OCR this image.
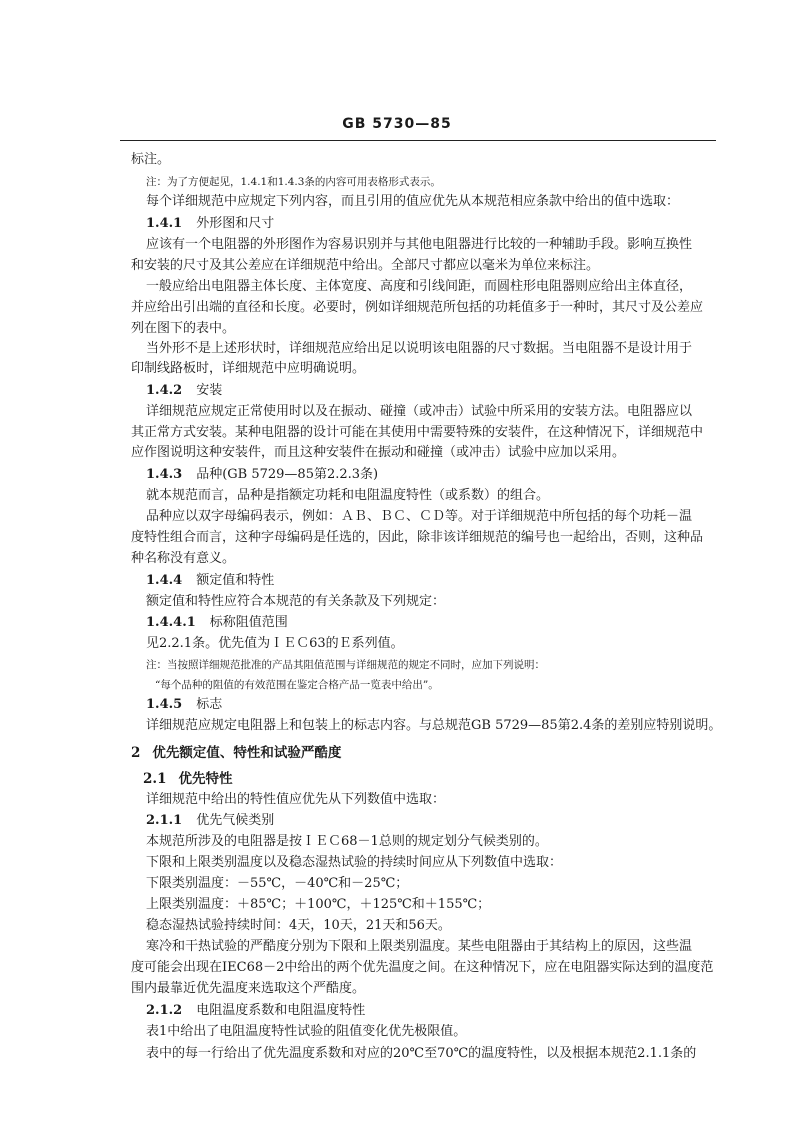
GB 5730—85
标注。
注：为了方便起见，1.4.1和1.4.3条的内容可用表格形式表示。
每个详细规范中应规定下列内容，而且引用的值应优先从本规范相应条款中给出的值中选取：
1.4.1 外形图和尺寸
应该有一个电阻器的外形图作为容易识别并与其他电阻器进行比较的一种辅助手段。影响互换性
和安装的尺寸及其公差应在详细规范中给出。全部尺寸都应以毫米为单位来标注。
一般应给出电阻器主体长度、主体宽度、高度和引线间距，而圆柱形电阻器则应给出主体直径，
并应给出引出端的直径和长度。必要时，例如详细规范所包括的功耗值多于一种时，其尺寸及公差应
列在图下的表中。
当外形不是上述形状时，详细规范应给出足以说明该电阻器的尺寸数据。当电阻器不是设计用于
印制线路板时，详细规范中应明确说明。
1.4.2 安装
详细规范应规定正常使用时以及在振动、碰撞（或冲击）试验中所采用的安装方法。电阻器应以
其正常方式安装。某种电阻器的设计可能在其使用中需要特殊的安装件，在这种情况下，详细规范中
应作图说明这种安装件，而且这种安装件在振动和碰撞（或冲击）试验中应加以采用。
1.4.3 品种(GB 5729—85第2.2.3条)
就本规范而言，品种是指额定功耗和电阻温度特性（或系数）的组合。
品种应以双字母编码表示，例如：ＡＢ、ＢＣ、ＣＤ等。对于详细规范中所包括的每个功耗－温
度特性组合而言，这种字母编码是任选的，因此，除非该详细规范的编号也一起给出，否则，这种品
种名称没有意义。
1.4.4 额定值和特性
额定值和特性应符合本规范的有关条款及下列规定：
1.4.4.1 标称阻值范围
见2.2.1条。优先值为ＩＥＣ63的Ｅ系列值。
注：当按照详细规范批准的产品其阻值范围与详细规范的规定不同时，应加下列说明：
“每个品种的阻值的有效范围在鉴定合格产品一览表中给出”。
1.4.5 标志
详细规范应规定电阻器上和包装上的标志内容。与总规范GB 5729—85第2.4条的差别应特别说明。
2 优先额定值、特性和试验严酷度
2.1 优先特性
详细规范中给出的特性值应优先从下列数值中选取：
2.1.1 优先气候类别
本规范所涉及的电阻器是按ＩＥＣ68－1总则的规定划分气候类别的。
下限和上限类别温度以及稳态湿热试验的持续时间应从下列数值中选取：
下限类别温度：－55℃，－40℃和－25℃；
上限类别温度：＋85℃；＋100℃，＋125℃和＋155℃；
稳态湿热试验持续时间：4天，10天，21天和56天。
寒冷和干热试验的严酷度分别为下限和上限类别温度。某些电阻器由于其结构上的原因，这些温
度可能会出现在IEC68－2中给出的两个优先温度之间。在这种情况下，应在电阻器实际达到的温度范
围内最靠近优先温度来选取这个严酷度。
2.1.2 电阻温度系数和电阻温度特性
表1中给出了电阻温度特性试验的阻值变化优先极限值。
表中的每一行给出了优先温度系数和对应的20℃至70℃的温度特性，以及根据本规范2.1.1条的
